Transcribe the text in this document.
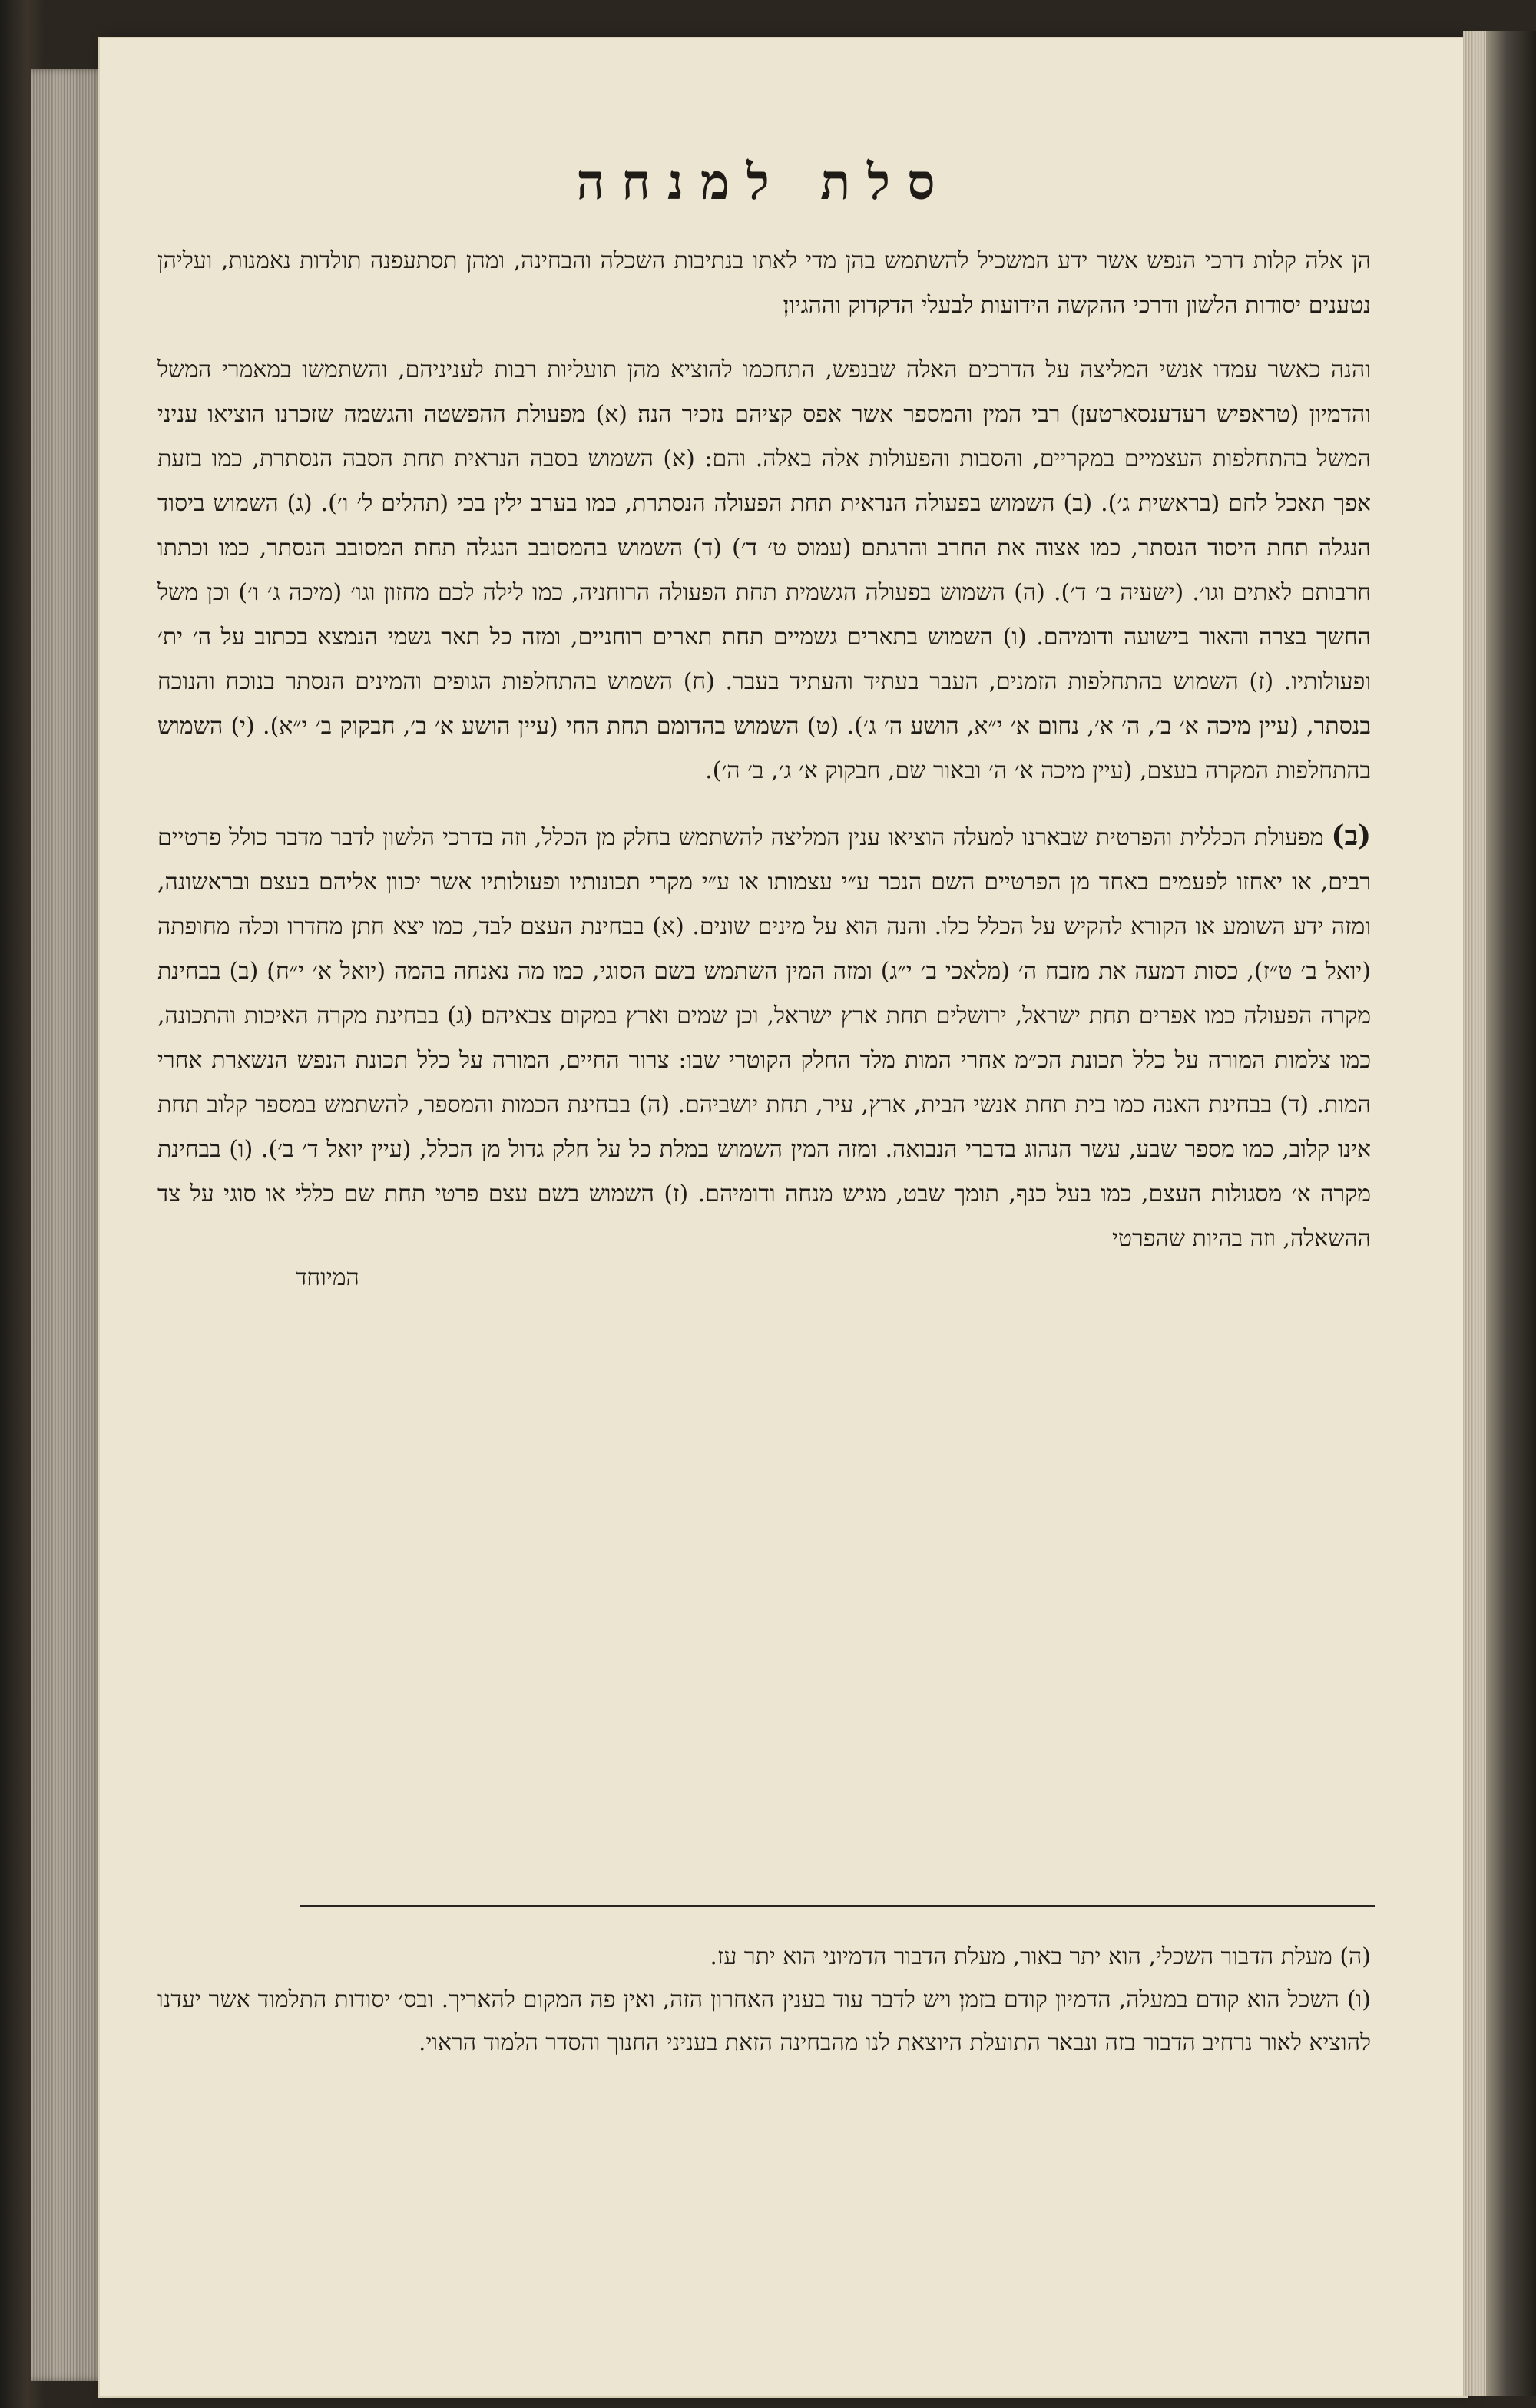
סלת למנחה

הן אלה קלות דרכי הנפש אשר ידע המשכיל להשתמש בהן מדי לאתו בנתיבות השכלה והבחינה, ומהן תסתעפנה תולדות נאמנות, ועליהן נטענים יסודות הלשון ודרכי ההקשה הידועות לבעלי הדקדוק וההגיון׃

והנה כאשר עמדו אנשי המליצה על הדרכים האלה שבנפש, התחכמו להוציא מהן תועליות רבות לעניניהם, והשתמשו במאמרי המשל והדמיון (טראפיש רעדענסארטען) רבי המין והמספר אשר אפס קציהם נזכיר הנה׃ (א) מפעולת ההפשטה והגשמה שזכרנו הוציאו עניני המשל בהתחלפות העצמיים במקריים, והסבות והפעולות אלה באלה. והם: (א) השמוש בסבה הנראית תחת הסבה הנסתרת, כמו בזעת אפך תאכל לחם (בראשית ג׳). (ב) השמוש בפעולה הנראית תחת הפעולה הנסתרת, כמו בערב ילין בכי (תהלים ל׳ ו׳). (ג) השמוש ביסוד הנגלה תחת היסוד הנסתר, כמו אצוה את החרב והרגתם (עמוס ט׳ ד׳) (ד) השמוש בהמסובב הנגלה תחת המסובב הנסתר, כמו וכתתו חרבותם לאתים וגו׳. (ישעיה ב׳ ד׳). (ה) השמוש בפעולה הגשמית תחת הפעולה הרוחניה, כמו לילה לכם מחזון וגו׳ (מיכה ג׳ ו׳) וכן משל החשך בצרה והאור בישועה ודומיהם. (ו) השמוש בתארים גשמיים תחת תארים רוחניים, ומזה כל תאר גשמי הנמצא בכתוב על ה׳ ית׳ ופעולותיו. (ז) השמוש בהתחלפות הזמנים, העבר בעתיד והעתיד בעבר. (ח) השמוש בהתחלפות הגופים והמינים הנסתר בנוכח והנוכח בנסתר, (עיין מיכה א׳ ב׳, ה׳ א׳, נחום א׳ י״א, הושע ה׳ ג׳). (ט) השמוש בהדומם תחת החי (עיין הושע א׳ ב׳, חבקוק ב׳ י״א). (י) השמוש בהתחלפות המקרה בעצם, (עיין מיכה א׳ ה׳ ובאור שם, חבקוק א׳ ג׳, ב׳ ה׳).

(ב) מפעולת הכללית והפרטית שבארנו למעלה הוציאו ענין המליצה להשתמש בחלק מן הכלל, וזה בדרכי הלשון לדבר מדבר כולל פרטיים רבים, או יאחזו לפעמים באחד מן הפרטיים השם הנכר ע״י עצמותו או ע״י מקרי תכונותיו ופעולותיו אשר יכוון אליהם בעצם ובראשונה, ומזה ידע השומע או הקורא להקיש על הכלל כלו. והנה הוא על מינים שונים. (א) בבחינת העצם לבד, כמו יצא חתן מחדרו וכלה מחופתה (יואל ב׳ ט״ז), כסות דמעה את מזבח ה׳ (מלאכי ב׳ י״ג) ומזה המין השתמש בשם הסוגי, כמו מה נאנחה בהמה (יואל א׳ י״ח)׃ (ב) בבחינת מקרה הפעולה כמו אפרים תחת ישראל, ירושלים תחת ארץ ישראל, וכן שמים וארץ במקום צבאיהם׃ (ג) בבחינת מקרה האיכות והתכונה, כמו צלמות המורה על כלל תכונת הכ״מ אחרי המות מלד החלק הקוטרי שבו: צרור החיים, המורה על כלל תכונת הנפש הנשארת אחרי המות. (ד) בבחינת האנה כמו בית תחת אנשי הבית, ארץ, עיר, תחת יושביהם. (ה) בבחינת הכמות והמספר, להשתמש במספר קלוב תחת אינו קלוב, כמו מספר שבע, עשר הנהוג בדברי הנבואה. ומזה המין השמוש במלת כל על חלק גדול מן הכלל, (עיין יואל ד׳ ב׳). (ו) בבחינת מקרה א׳ מסגולות העצם, כמו בעל כנף, תומך שבט, מגיש מנחה ודומיהם. (ז) השמוש בשם עצם פרטי תחת שם כללי או סוגי על צד ההשאלה, וזה בהיות שהפרטי

המיוחד

(ה) מעלת הדבור השכלי, הוא יתר באור, מעלת הדבור הדמיוני הוא יתר עז.

(ו) השכל הוא קודם במעלה, הדמיון קודם בזמן׃ ויש לדבר עוד בענין האחרון הזה, ואין פה המקום להאריך. ובס׳ יסודות התלמוד אשר יעדנו להוציא לאור נרחיב הדבור בזה ונבאר התועלת היוצאת לנו מהבחינה הזאת בעניני החנוך והסדר הלמוד הראוי.
